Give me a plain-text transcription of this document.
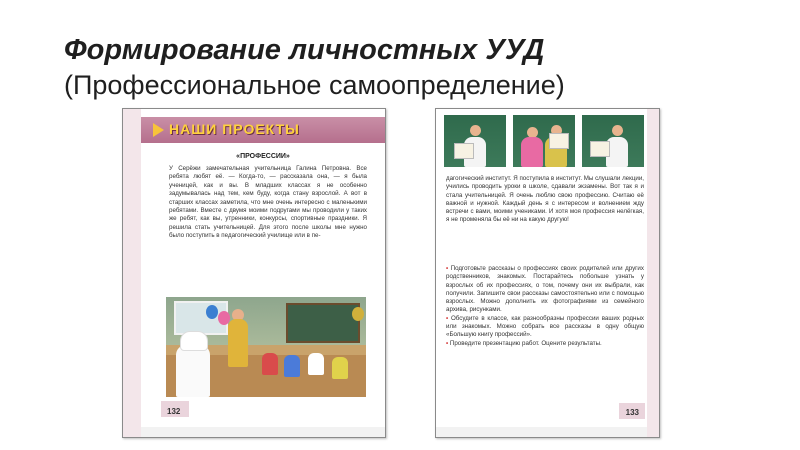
Формирование личностных УУД
(Профессиональное самоопределение)
НАШИ ПРОЕКТЫ
«ПРОФЕССИИ»
У Серёжи замечательная учительница Галина Петровна. Все ребята любят её. — Когда-то, — рассказала она, — я была ученицей, как и вы. В младших классах я не особенно задумывалась над тем, кем буду, когда стану взрослой. А вот в старших классах заметила, что мне очень интересно с маленькими ребятами. Вместе с двумя моими подругами мы проводили у таких же ребят, как вы, утренники, конкурсы, спортивные праздники. Я решила стать учительницей. Для этого после школы мне нужно было поступить в педагогический училище или в пе-
132
дагогический институт. Я поступила в институт. Мы слушали лекции, учились проводить уроки в школе, сдавали экзамены. Вот так я и стала учительницей. Я очень люблю свою профессию. Считаю её важной и нужной. Каждый день я с интересом и волнением жду встречи с вами, моими учениками. И хотя моя профессия нелёгкая, я не променяла бы её ни на какую другую!

• Подготовьте рассказы о профессиях своих родителей или других родственников, знакомых. Постарайтесь побольше узнать у взрослых об их профессиях, о том, почему они их выбрали, как получили. Запишите свои рассказы самостоятельно или с помощью взрослых. Можно дополнить их фотографиями из семейного архива, рисунками.

• Обсудите в классе, как разнообразны профессии ваших родных или знакомых. Можно собрать все рассказы в одну общую «Большую книгу профессий».

• Проведите презентацию работ. Оцените результаты.

133
